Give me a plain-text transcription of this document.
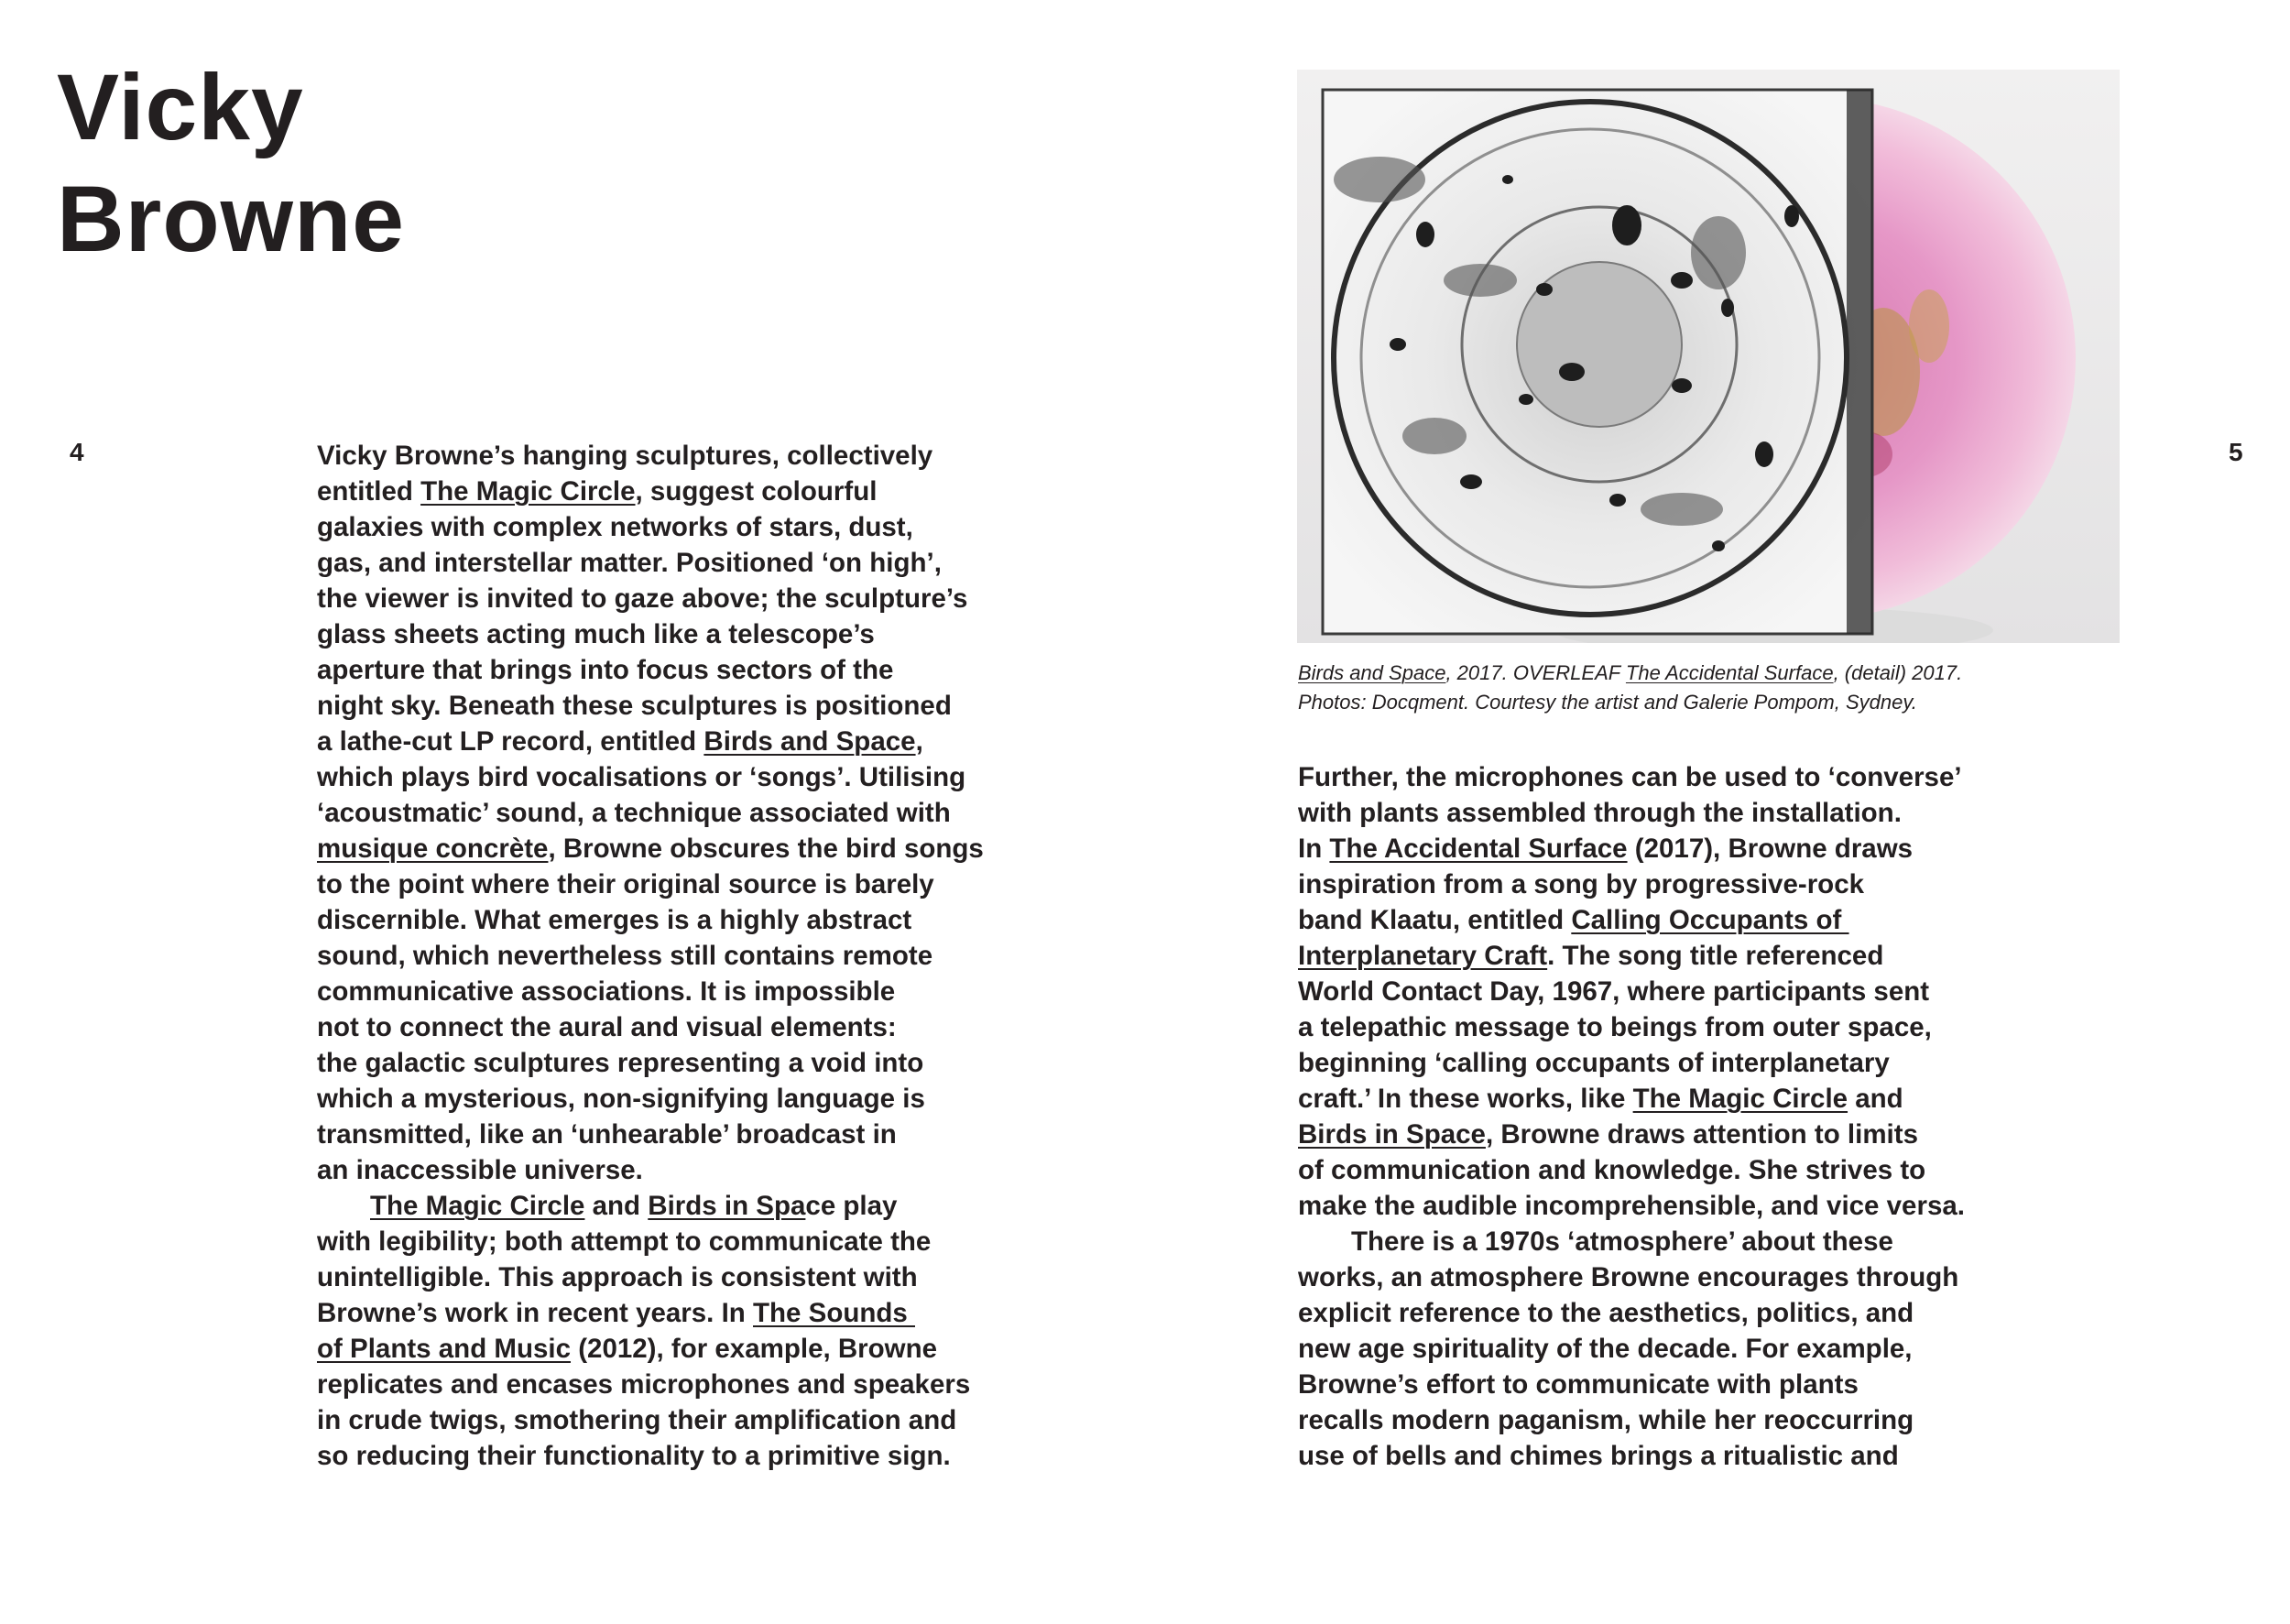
Vicky
Browne
4	5

Vicky Browne’s hanging sculptures, collectively
entitled The Magic Circle, suggest colourful
galaxies with complex networks of stars, dust,
gas, and interstellar matter. Positioned ‘on high’,
the viewer is invited to gaze above; the sculpture’s
glass sheets acting much like a telescope’s
aperture that brings into focus sectors of the
night sky. Beneath these sculptures is positioned
a lathe-cut LP record, entitled Birds and Space,
which plays bird vocalisations or ‘songs’. Utilising
‘acoustmatic’ sound, a technique associated with
musique concrète, Browne obscures the bird songs
to the point where their original source is barely
discernible. What emerges is a highly abstract
sound, which nevertheless still contains remote
communicative associations. It is impossible
not to connect the aural and visual elements:
the galactic sculptures representing a void into
which a mysterious, non-signifying language is
transmitted, like an ‘unhearable’ broadcast in
an inaccessible universe.

The Magic Circle and Birds in Space play
with legibility; both attempt to communicate the
unintelligible. This approach is consistent with
Browne’s work in recent years. In The Sounds
of Plants and Music (2012), for example, Browne
replicates and encases microphones and speakers
in crude twigs, smothering their amplification and
so reducing their functionality to a primitive sign.

Birds and Space, 2017. OVERLEAF The Accidental Surface, (detail) 2017.
Photos: Docqment. Courtesy the artist and Galerie Pompom, Sydney.

Further, the microphones can be used to ‘converse’
with plants assembled through the installation.
In The Accidental Surface (2017), Browne draws
inspiration from a song by progressive-rock
band Klaatu, entitled Calling Occupants of
Interplanetary Craft. The song title referenced
World Contact Day, 1967, where participants sent
a telepathic message to beings from outer space,
beginning ‘calling occupants of interplanetary
craft.’ In these works, like The Magic Circle and
Birds in Space, Browne draws attention to limits
of communication and knowledge. She strives to
make the audible incomprehensible, and vice versa.

There is a 1970s ‘atmosphere’ about these
works, an atmosphere Browne encourages through
explicit reference to the aesthetics, politics, and
new age spirituality of the decade. For example,
Browne’s effort to communicate with plants
recalls modern paganism, while her reoccurring
use of bells and chimes brings a ritualistic and
